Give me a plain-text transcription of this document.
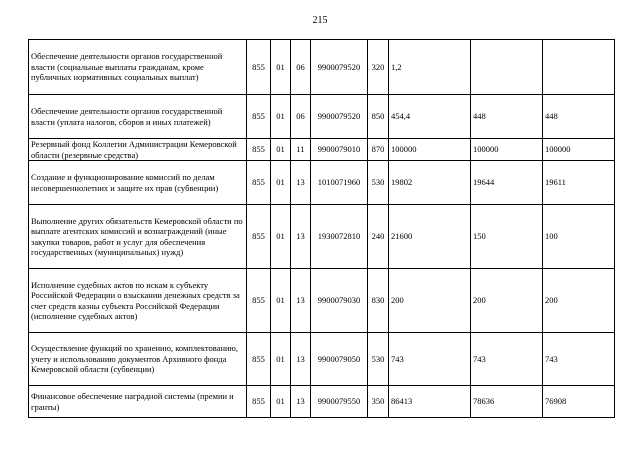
215
Обеспечение деятельности органов государственной власти (социальные выплаты гражданам, кроме публичных нормативных социальных выплат)	855	01	06	9900079520	320	1,2		
Обеспечение деятельности органов государственной власти (уплата налогов, сборов и иных платежей)	855	01	06	9900079520	850	454,4	448	448
Резервный фонд Коллегии Администрации Кемеровской области (резервные средства)	855	01	11	9900079010	870	100000	100000	100000
Создание и функционирование комиссий по делам несовершеннолетних и защите их прав (субвенции)	855	01	13	1010071960	530	19802	19644	19611
Выполнение других обязательств Кемеровской области по выплате агентских комиссий и вознаграждений (иные закупки товаров, работ и услуг для обеспечения государственных (муниципальных) нужд)	855	01	13	1930072810	240	21600	150	100
Исполнение судебных актов по искам к субъекту Российской Федерации о взыскании денежных средств за счет средств казны субъекта Российской Федерации (исполнение судебных актов)	855	01	13	9900079030	830	200	200	200
Осуществление функций по хранению, комплектованию, учету и использованию документов Архивного фонда Кемеровской области (субвенции)	855	01	13	9900079050	530	743	743	743
Финансовое обеспечение наградной системы (премии и гранты)	855	01	13	9900079550	350	86413	78636	76908
